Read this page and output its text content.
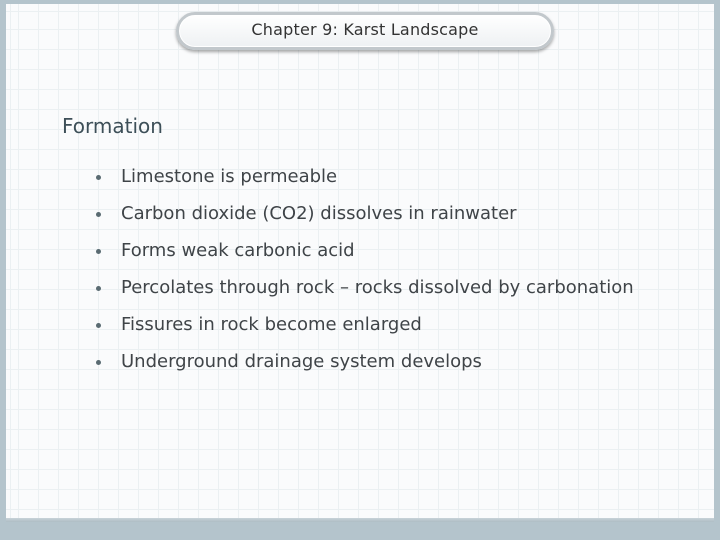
Chapter 9: Karst Landscape
Formation
Limestone is permeable
Carbon dioxide (CO2) dissolves in rainwater
Forms weak carbonic acid
Percolates through rock – rocks dissolved by carbonation
Fissures in rock become enlarged
Underground drainage system develops
